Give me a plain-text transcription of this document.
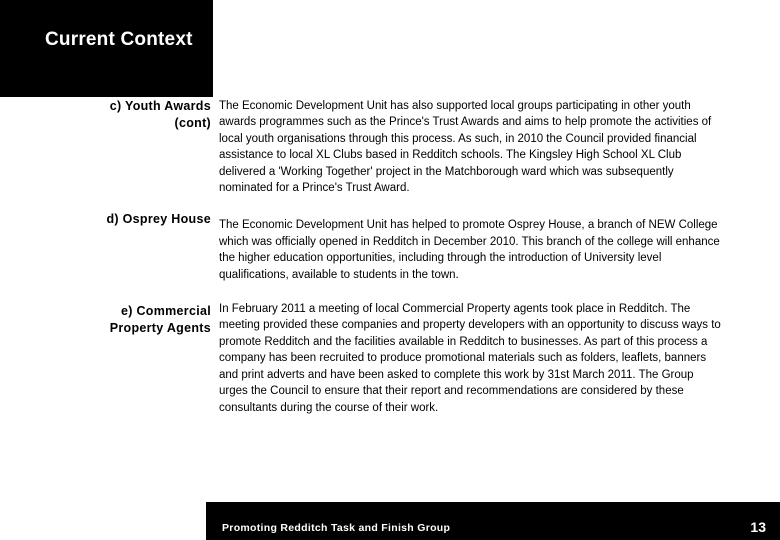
Current Context
c) Youth Awards
(cont)
The Economic Development Unit has also supported local groups participating in other youth
awards programmes such as the Prince's Trust Awards and aims to help promote the activities of
local youth organisations through this process. As such, in 2010 the Council provided financial
assistance to local XL Clubs based in Redditch schools. The Kingsley High School XL Club
delivered a 'Working Together' project in the Matchborough ward which was subsequently
nominated for a Prince's Trust Award.
d) Osprey House The Economic Development Unit has helped to promote Osprey House, a branch of NEW College
which was officially opened in Redditch in December 2010. This branch of the college will enhance
the higher education opportunities, including through the introduction of University level
qualifications, available to students in the town.
e) Commercial
Property Agents
In February 2011 a meeting of local Commercial Property agents took place in Redditch. The
meeting provided these companies and property developers with an opportunity to discuss ways to
promote Redditch and the facilities available in Redditch to businesses. As part of this process a
company has been recruited to produce promotional materials such as folders, leaflets, banners
and print adverts and have been asked to complete this work by 31st March 2011. The Group
urges the Council to ensure that their report and recommendations are considered by these
consultants during the course of their work.
Promoting Redditch Task and Finish Group	13
